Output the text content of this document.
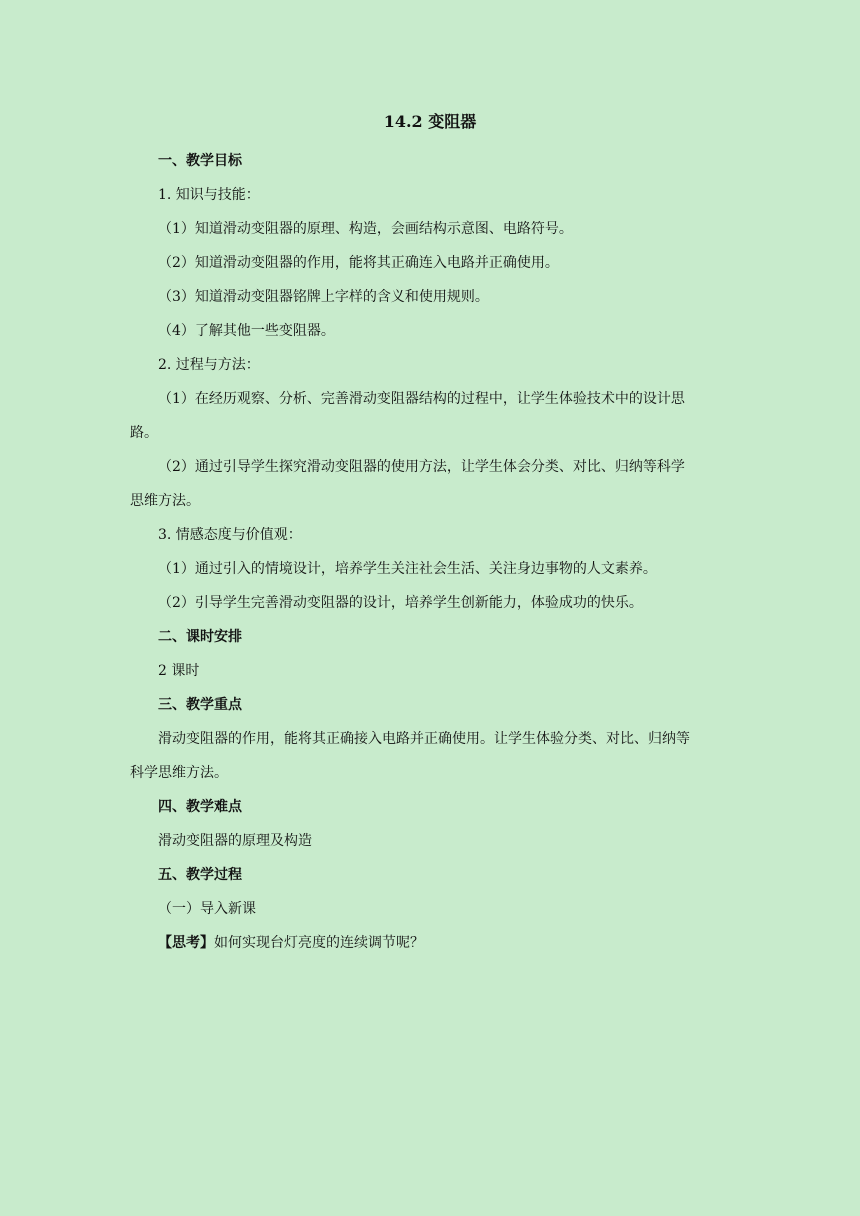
14.2 变阻器

一、教学目标

1. 知识与技能：

（1）知道滑动变阻器的原理、构造，会画结构示意图、电路符号。

（2）知道滑动变阻器的作用，能将其正确连入电路并正确使用。

（3）知道滑动变阻器铭牌上字样的含义和使用规则。

（4）了解其他一些变阻器。

2. 过程与方法：

（1）在经历观察、分析、完善滑动变阻器结构的过程中，让学生体验技术中的设计思
路。

（2）通过引导学生探究滑动变阻器的使用方法，让学生体会分类、对比、归纳等科学
思维方法。

3. 情感态度与价值观：

（1）通过引入的情境设计，培养学生关注社会生活、关注身边事物的人文素养。

（2）引导学生完善滑动变阻器的设计，培养学生创新能力，体验成功的快乐。

二、课时安排

2 课时

三、教学重点

滑动变阻器的作用，能将其正确接入电路并正确使用。让学生体验分类、对比、归纳等
科学思维方法。

四、教学难点

滑动变阻器的原理及构造

五、教学过程

（一）导入新课

【思考】如何实现台灯亮度的连续调节呢？
